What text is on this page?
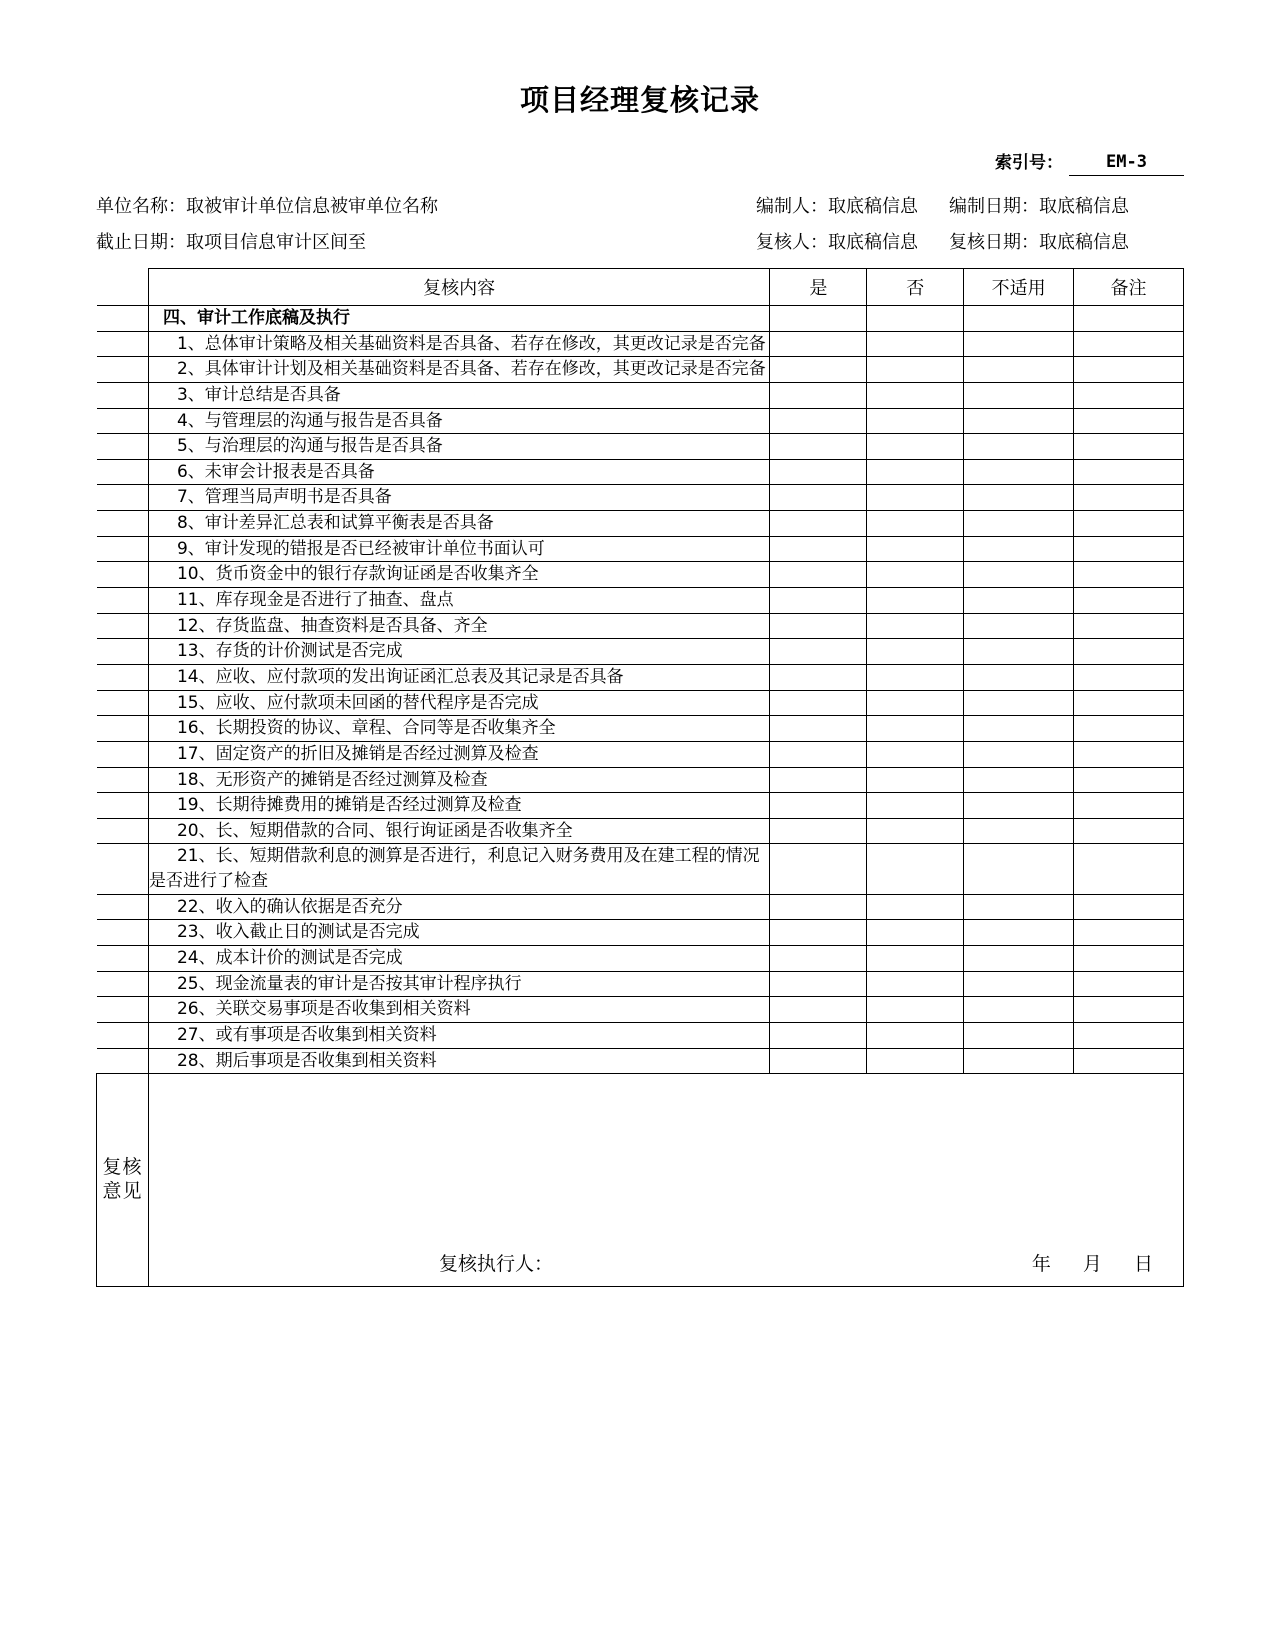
项目经理复核记录
索引号：	EM-3
单位名称：取被审计单位信息被审单位名称	编制人：取底稿信息	编制日期：取底稿信息
截止日期：取项目信息审计区间至	复核人：取底稿信息	复核日期：取底稿信息
	复核内容	是	否	不适用	备注
	四、审计工作底稿及执行				
	1、总体审计策略及相关基础资料是否具备、若存在修改，其更改记录是否完备				
	2、具体审计计划及相关基础资料是否具备、若存在修改，其更改记录是否完备				
	3、审计总结是否具备				
	4、与管理层的沟通与报告是否具备				
	5、与治理层的沟通与报告是否具备				
	6、未审会计报表是否具备				
	7、管理当局声明书是否具备				
	8、审计差异汇总表和试算平衡表是否具备				
	9、审计发现的错报是否已经被审计单位书面认可				
	10、货币资金中的银行存款询证函是否收集齐全				
	11、库存现金是否进行了抽查、盘点				
	12、存货监盘、抽查资料是否具备、齐全				
	13、存货的计价测试是否完成				
	14、应收、应付款项的发出询证函汇总表及其记录是否具备				
	15、应收、应付款项未回函的替代程序是否完成				
	16、长期投资的协议、章程、合同等是否收集齐全				
	17、固定资产的折旧及摊销是否经过测算及检查				
	18、无形资产的摊销是否经过测算及检查				
	19、长期待摊费用的摊销是否经过测算及检查				
	20、长、短期借款的合同、银行询证函是否收集齐全				
	21、长、短期借款利息的测算是否进行，利息记入财务费用及在建工程的情况是否进行了检查				
	22、收入的确认依据是否充分				
	23、收入截止日的测试是否完成				
	24、成本计价的测试是否完成				
	25、现金流量表的审计是否按其审计程序执行				
	26、关联交易事项是否收集到相关资料				
	27、或有事项是否收集到相关资料				
	28、期后事项是否收集到相关资料				
复核意见	复核执行人： 年 月 日				
